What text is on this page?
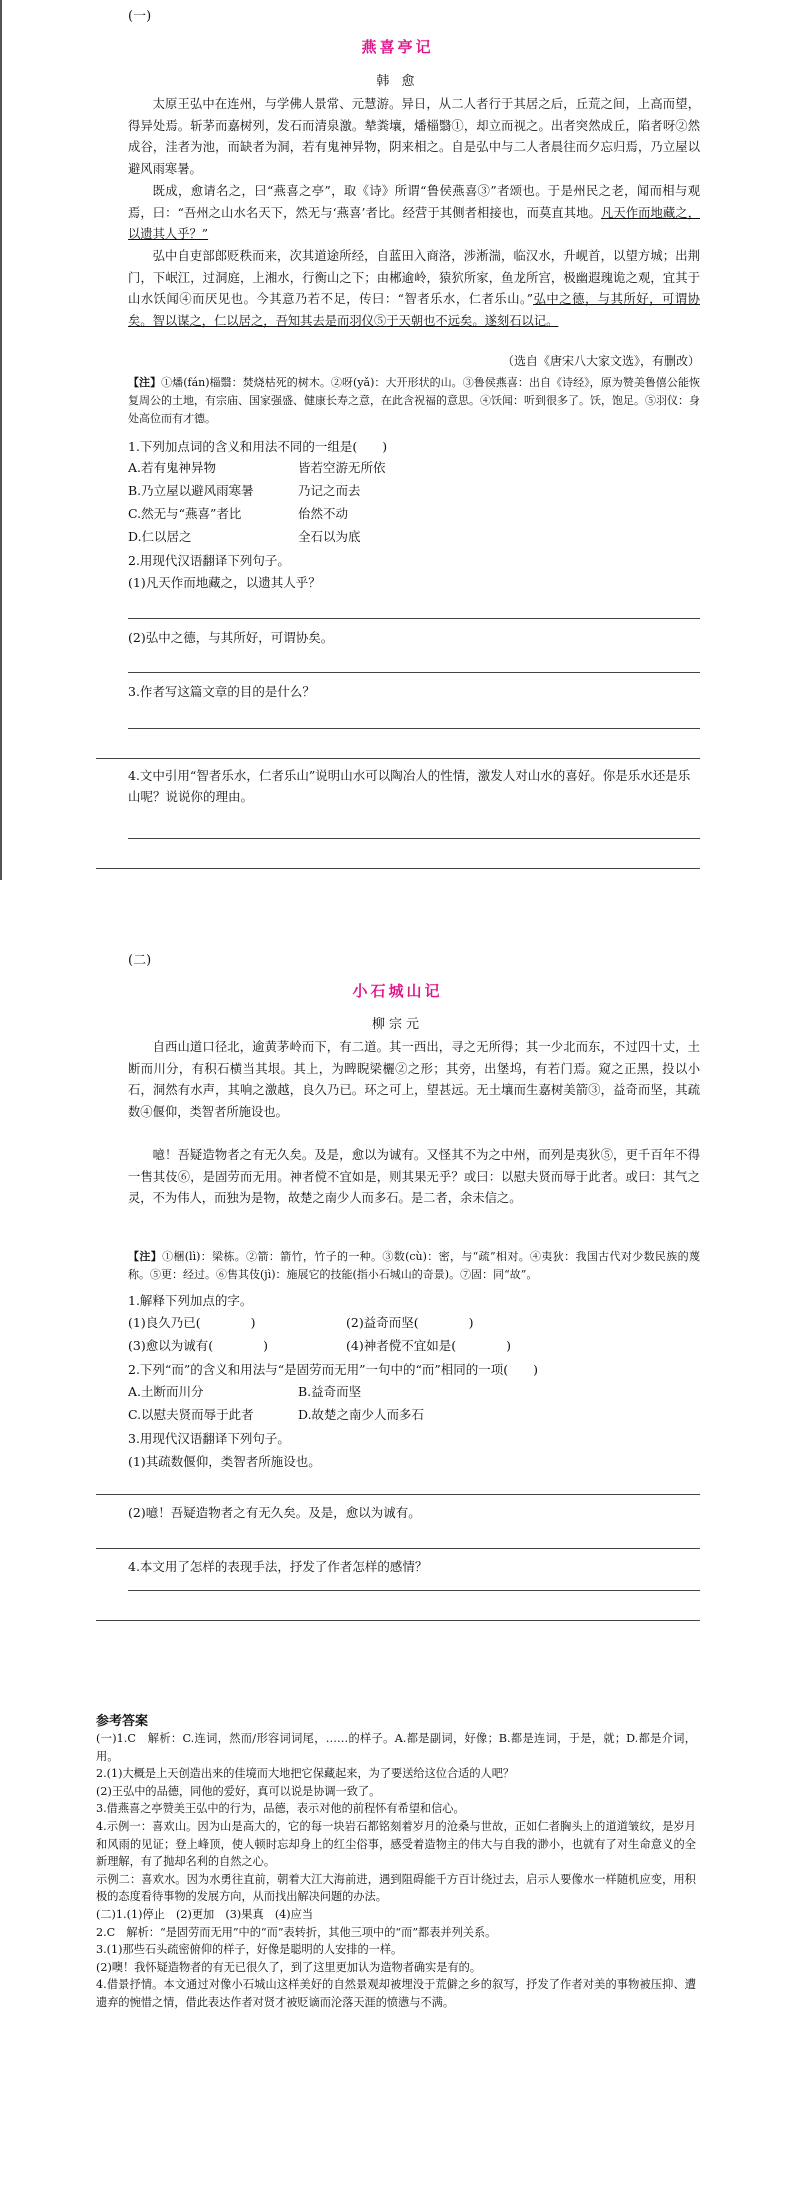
(一)
燕喜亭记
韩 愈
太原王弘中在连州，与学佛人景常、元慧游。异日，从二人者行于其居之后，丘荒之间，上高而望，得异处焉。斩茅而嘉树列，发石而清泉激。辇粪壤，燔椔翳①，却立而视之。出者突然成丘，陷者呀②然成谷，洼者为池，而缺者为洞，若有鬼神异物，阴来相之。自是弘中与二人者晨往而夕忘归焉，乃立屋以避风雨寒暑。
既成，愈请名之，曰“燕喜之亭”，取《诗》所谓“鲁侯燕喜③”者颂也。于是州民之老，闻而相与观焉，曰：“吾州之山水名天下，然无与‘燕喜’者比。经营于其侧者相接也，而莫直其地。凡天作而地藏之，以遗其人乎？”
弘中自吏部郎贬秩而来，次其道途所经，自蓝田入商洛，涉淅湍，临汉水，升岘首，以望方城；出荆门，下岷江，过洞庭，上湘水，行衡山之下；由郴逾岭，猿狖所家，鱼龙所宫，极幽遐瑰诡之观，宜其于山水饫闻④而厌见也。今其意乃若不足，传曰：“智者乐水，仁者乐山。”弘中之德，与其所好，可谓协矣。智以谋之，仁以居之，吾知其去是而羽仪⑤于天朝也不远矣。遂刻石以记。
（选自《唐宋八大家文选》，有删改）
【注】①燔(fán)椔翳：焚烧枯死的树木。②呀(yǎ)：大开形状的山。③鲁侯燕喜：出自《诗经》，原为赞美鲁僖公能恢复周公的土地，有宗庙、国家强盛、健康长寿之意，在此含祝福的意思。④饫闻：听到很多了。饫，饱足。⑤羽仪：身处高位而有才德。
1.下列加点词的含义和用法不同的一组是(　　)
A.若有鬼神异物	皆若空游无所依
B.乃立屋以避风雨寒暑	乃记之而去
C.然无与“燕喜”者比	佁然不动
D.仁以居之	全石以为底
2.用现代汉语翻译下列句子。
(1)凡天作而地藏之，以遗其人乎？
(2)弘中之德，与其所好，可谓协矣。
3.作者写这篇文章的目的是什么？
4.文中引用“智者乐水，仁者乐山”说明山水可以陶冶人的性情，激发人对山水的喜好。你是乐水还是乐山呢？说说你的理由。
(二)
小石城山记
柳宗元
自西山道口径北，逾黄茅岭而下，有二道。其一西出，寻之无所得；其一少北而东，不过四十丈，土断而川分，有积石横当其垠。其上，为睥睨梁欐②之形；其旁，出堡坞，有若门焉。窥之正黑，投以小石，洞然有水声，其响之激越，良久乃已。环之可上，望甚远。无土壤而生嘉树美箭③，益奇而坚，其疏数④偃仰，类智者所施设也。
噫！吾疑造物者之有无久矣。及是，愈以为诚有。又怪其不为之中州，而列是夷狄⑤，更千百年不得一售其伎⑥，是固劳而无用。神者傥不宜如是，则其果无乎？或曰：以慰夫贤而辱于此者。或曰：其气之灵，不为伟人，而独为是物，故楚之南少人而多石。是二者，余未信之。
【注】①梱(lì)：梁栋。②箭：箭竹，竹子的一种。③数(cù)：密，与“疏”相对。④夷狄：我国古代对少数民族的蔑称。⑤更：经过。⑥售其伎(jì)：施展它的技能(指小石城山的奇景)。⑦固：同“故”。
1.解释下列加点的字。
(1)良久乃已(　　　　)	(2)益奇而坚(　　　　)
(3)愈以为诚有(　　　　)	(4)神者傥不宜如是(　　　　)
2.下列“而”的含义和用法与“是固劳而无用”一句中的“而”相同的一项(　　)
A.土断而川分	B.益奇而坚
C.以慰夫贤而辱于此者	D.故楚之南少人而多石
3.用现代汉语翻译下列句子。
(1)其疏数偃仰，类智者所施设也。
(2)噫！吾疑造物者之有无久矣。及是，愈以为诚有。
4.本文用了怎样的表现手法，抒发了作者怎样的感情？
参考答案

(一)1.C　解析：C.连词，然而/形容词词尾，……的样子。A.都是副词，好像；B.都是连词，于是，就；D.都是介词，用。

2.(1)大概是上天创造出来的佳境而大地把它保藏起来，为了要送给这位合适的人吧？

(2)王弘中的品德，同他的爱好，真可以说是协调一致了。

3.借燕喜之亭赞美王弘中的行为，品德，表示对他的前程怀有希望和信心。

4.示例一：喜欢山。因为山是高大的，它的每一块岩石都铭刻着岁月的沧桑与世故，正如仁者胸头上的道道皱纹，是岁月和风雨的见证；登上峰顶，使人顿时忘却身上的红尘俗事，感受着造物主的伟大与自我的渺小，也就有了对生命意义的全新理解，有了抛却名利的自然之心。

示例二：喜欢水。因为水勇往直前，朝着大江大海前进，遇到阻碍能千方百计绕过去，启示人要像水一样随机应变，用积极的态度看待事物的发展方向，从而找出解决问题的办法。

(二)1.(1)停止　(2)更加　(3)果真　(4)应当

2.C　解析：“是固劳而无用”中的“而”表转折，其他三项中的“而”都表并列关系。

3.(1)那些石头疏密俯仰的样子，好像是聪明的人安排的一样。

(2)噢！我怀疑造物者的有无已很久了，到了这里更加认为造物者确实是有的。

4.借景抒情。本文通过对像小石城山这样美好的自然景观却被埋没于荒僻之乡的叙写，抒发了作者对美的事物被压抑、遭遗弃的惋惜之情，借此表达作者对贤才被贬谪而沦落天涯的愤懑与不满。
